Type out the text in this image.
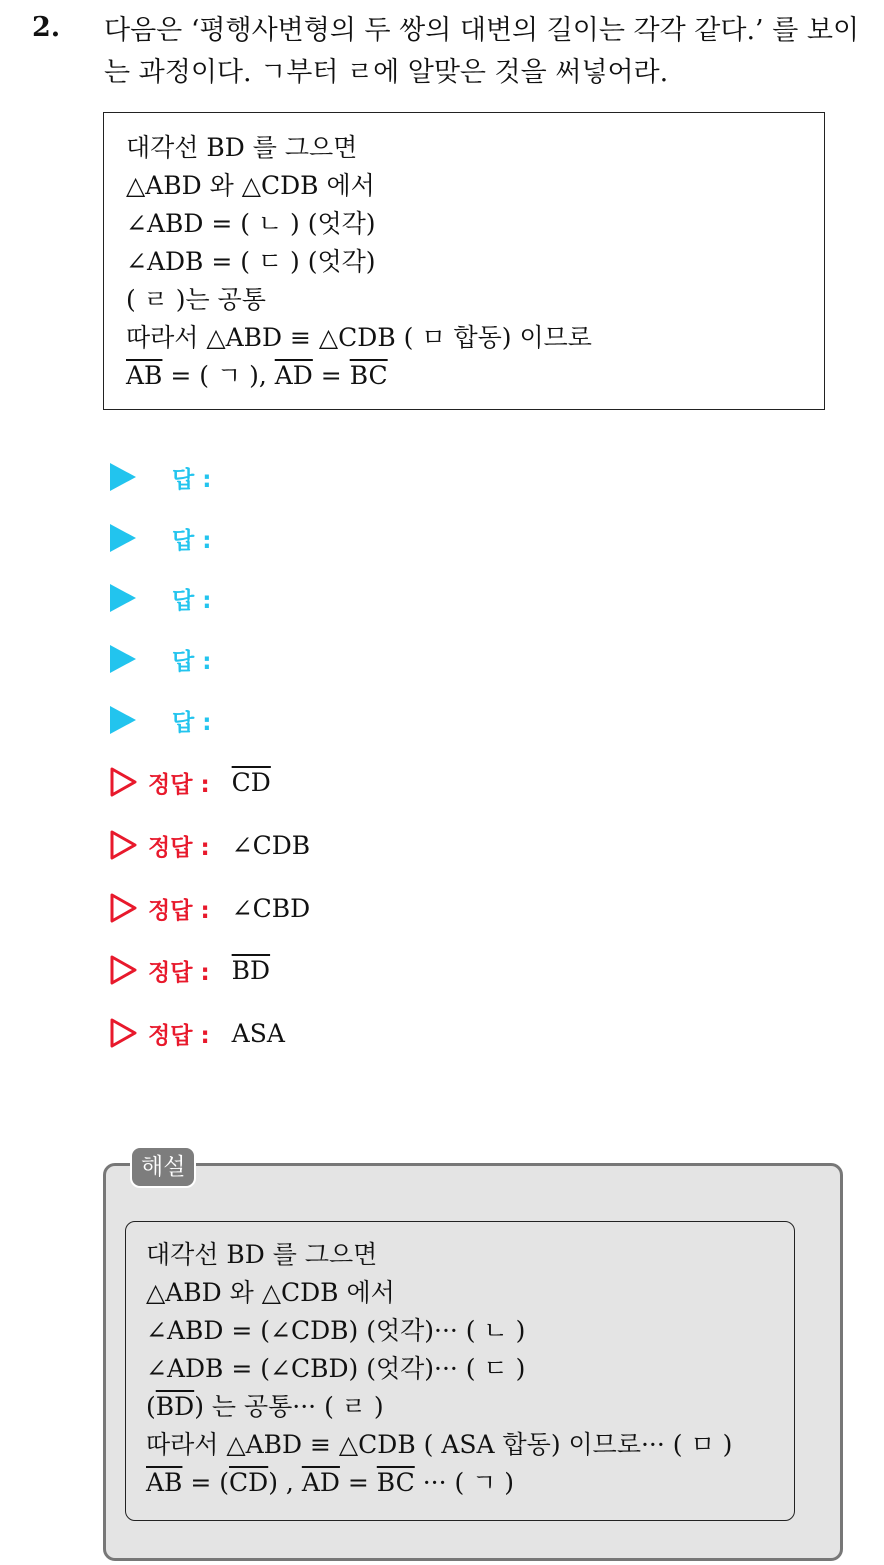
2. 다음은 ‘평행사변형의 두 쌍의 대변의 길이는 각각 같다.’ 를 보이는 과정이다. ㄱ부터 ㄹ에 알맞은 것을 써넣어라.
대각선 BD 를 그으면
△ABD 와 △CDB 에서
∠ABD = ( ㄴ ) (엇각)
∠ADB = ( ㄷ ) (엇각)
( ㄹ )는 공통
따라서 △ABD ≡ △CDB ( ㅁ 합동) 이므로
$\overline{AB}$ = ( ㄱ ), $\overline{AD} = \overline{BC}$
답 :
답 :
답 :
답 :
답 :
정답 : $\overline{CD}$
정답 : ∠CDB
정답 : ∠CBD
정답 : $\overline{BD}$
정답 : ASA
해설
대각선 BD 를 그으면
△ABD 와 △CDB 에서
∠ABD = (∠CDB) (엇각)··· ( ㄴ )
∠ADB = (∠CBD) (엇각)··· ( ㄷ )
$(\overline{BD})$ 는 공통··· ( ㄹ )
따라서 △ABD ≡ △CDB ( ASA 합동) 이므로··· ( ㅁ )
$\overline{AB} = (\overline{CD})$ , $\overline{AD} = \overline{BC}$ ··· ( ㄱ )
